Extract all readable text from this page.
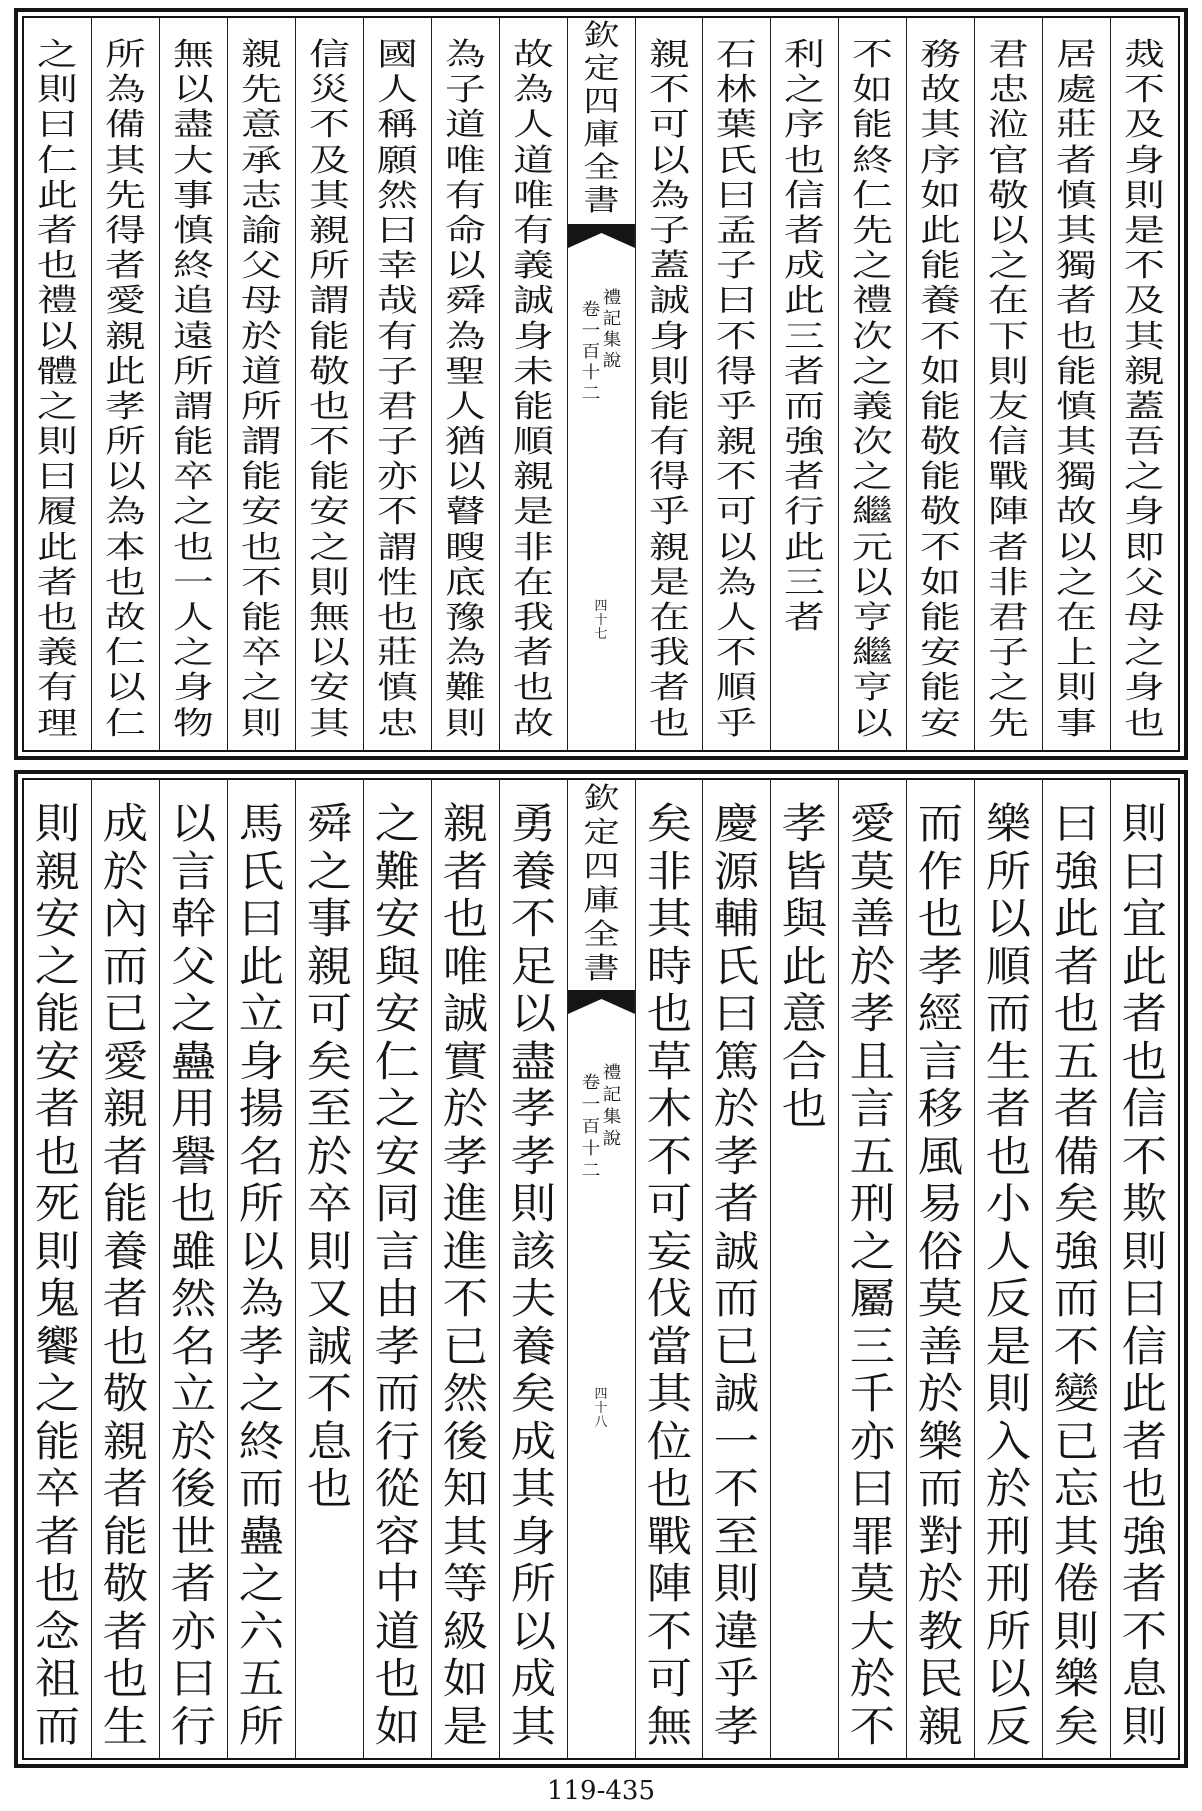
烖
不
及
身
則
是
不
及
其
親
蓋
吾
之
身
即
父
母
之
身
也
居
處
莊
者
慎
其
獨
者
也
能
慎
其
獨
故
以
之
在
上
則
事
君
忠
涖
官
敬
以
之
在
下
則
友
信
戰
陣
者
非
君
子
之
先
務
故
其
序
如
此
能
養
不
如
能
敬
能
敬
不
如
能
安
能
安
不
如
能
終
仁
先
之
禮
次
之
義
次
之
繼
元
以
亨
繼
亨
以
利
之
序
也
信
者
成
此
三
者
而
強
者
行
此
三
者
石
林
葉
氏
曰
孟
子
曰
不
得
乎
親
不
可
以
為
人
不
順
乎
親
不
可
以
為
子
蓋
誠
身
則
能
有
得
乎
親
是
在
我
者
也
欽
定
四
庫
全
書
禮
記
集
說
卷
一
百
十
二
四
十
七
故
為
人
道
唯
有
義
誠
身
未
能
順
親
是
非
在
我
者
也
故
為
子
道
唯
有
命
以
舜
為
聖
人
猶
以
瞽
瞍
底
豫
為
難
則
國
人
稱
願
然
曰
幸
哉
有
子
君
子
亦
不
謂
性
也
莊
慎
忠
信
災
不
及
其
親
所
謂
能
敬
也
不
能
安
之
則
無
以
安
其
親
先
意
承
志
諭
父
母
於
道
所
謂
能
安
也
不
能
卒
之
則
無
以
盡
大
事
慎
終
追
遠
所
謂
能
卒
之
也
一
人
之
身
物
所
為
備
其
先
得
者
愛
親
此
孝
所
以
為
本
也
故
仁
以
仁
之
則
曰
仁
此
者
也
禮
以
體
之
則
曰
履
此
者
也
義
有
理
則
曰
宜
此
者
也
信
不
欺
則
曰
信
此
者
也
強
者
不
息
則
曰
強
此
者
也
五
者
備
矣
強
而
不
變
已
忘
其
倦
則
樂
矣
樂
所
以
順
而
生
者
也
小
人
反
是
則
入
於
刑
刑
所
以
反
而
作
也
孝
經
言
移
風
易
俗
莫
善
於
樂
而
對
於
教
民
親
愛
莫
善
於
孝
且
言
五
刑
之
屬
三
千
亦
曰
罪
莫
大
於
不
孝
皆
與
此
意
合
也
慶
源
輔
氏
曰
篤
於
孝
者
誠
而
已
誠
一
不
至
則
違
乎
孝
矣
非
其
時
也
草
木
不
可
妄
伐
當
其
位
也
戰
陣
不
可
無
欽
定
四
庫
全
書
禮
記
集
說
卷
一
百
十
二
四
十
八
勇
養
不
足
以
盡
孝
孝
則
該
夫
養
矣
成
其
身
所
以
成
其
親
者
也
唯
誠
實
於
孝
進
進
不
已
然
後
知
其
等
級
如
是
之
難
安
與
安
仁
之
安
同
言
由
孝
而
行
從
容
中
道
也
如
舜
之
事
親
可
矣
至
於
卒
則
又
誠
不
息
也
馬
氏
曰
此
立
身
揚
名
所
以
為
孝
之
終
而
蠱
之
六
五
所
以
言
幹
父
之
蠱
用
譽
也
雖
然
名
立
於
後
世
者
亦
曰
行
成
於
內
而
已
愛
親
者
能
養
者
也
敬
親
者
能
敬
者
也
生
則
親
安
之
能
安
者
也
死
則
鬼
饗
之
能
卒
者
也
念
祖
而
119-435
